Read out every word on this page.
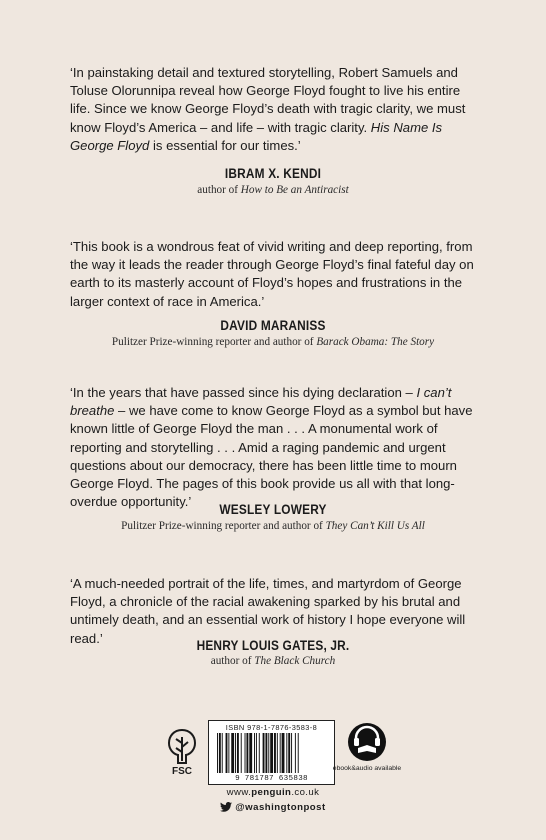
‘In painstaking detail and textured storytelling, Robert Samuels and Toluse Olorunnipa reveal how George Floyd fought to live his entire life. Since we know George Floyd’s death with tragic clarity, we must know Floyd’s America – and life – with tragic clarity. His Name Is George Floyd is essential for our times.’

IBRAM X. KENDI
author of How to Be an Antiracist

‘This book is a wondrous feat of vivid writing and deep reporting, from the way it leads the reader through George Floyd’s final fateful day on earth to its masterly account of Floyd’s hopes and frustrations in the larger context of race in America.’

DAVID MARANISS
Pulitzer Prize-winning reporter and author of Barack Obama: The Story

‘In the years that have passed since his dying declaration – I can’t breathe – we have come to know George Floyd as a symbol but have known little of George Floyd the man . . . A monumental work of reporting and storytelling . . . Amid a raging pandemic and urgent questions about our democracy, there has been little time to mourn George Floyd. The pages of this book provide us all with that long-overdue opportunity.’

WESLEY LOWERY
Pulitzer Prize-winning reporter and author of They Can’t Kill Us All

‘A much-needed portrait of the life, times, and martyrdom of George Floyd, a chronicle of the racial awakening sparked by his brutal and untimely death, and an essential work of history I hope everyone will read.’	HENRY LOUIS GATES, JR.
author of The Black Church
FSC
ISBN 978-1-7876-3583-8
9 781787 635838
ebook&audio available
www.penguin.co.uk
@washingtonpost
